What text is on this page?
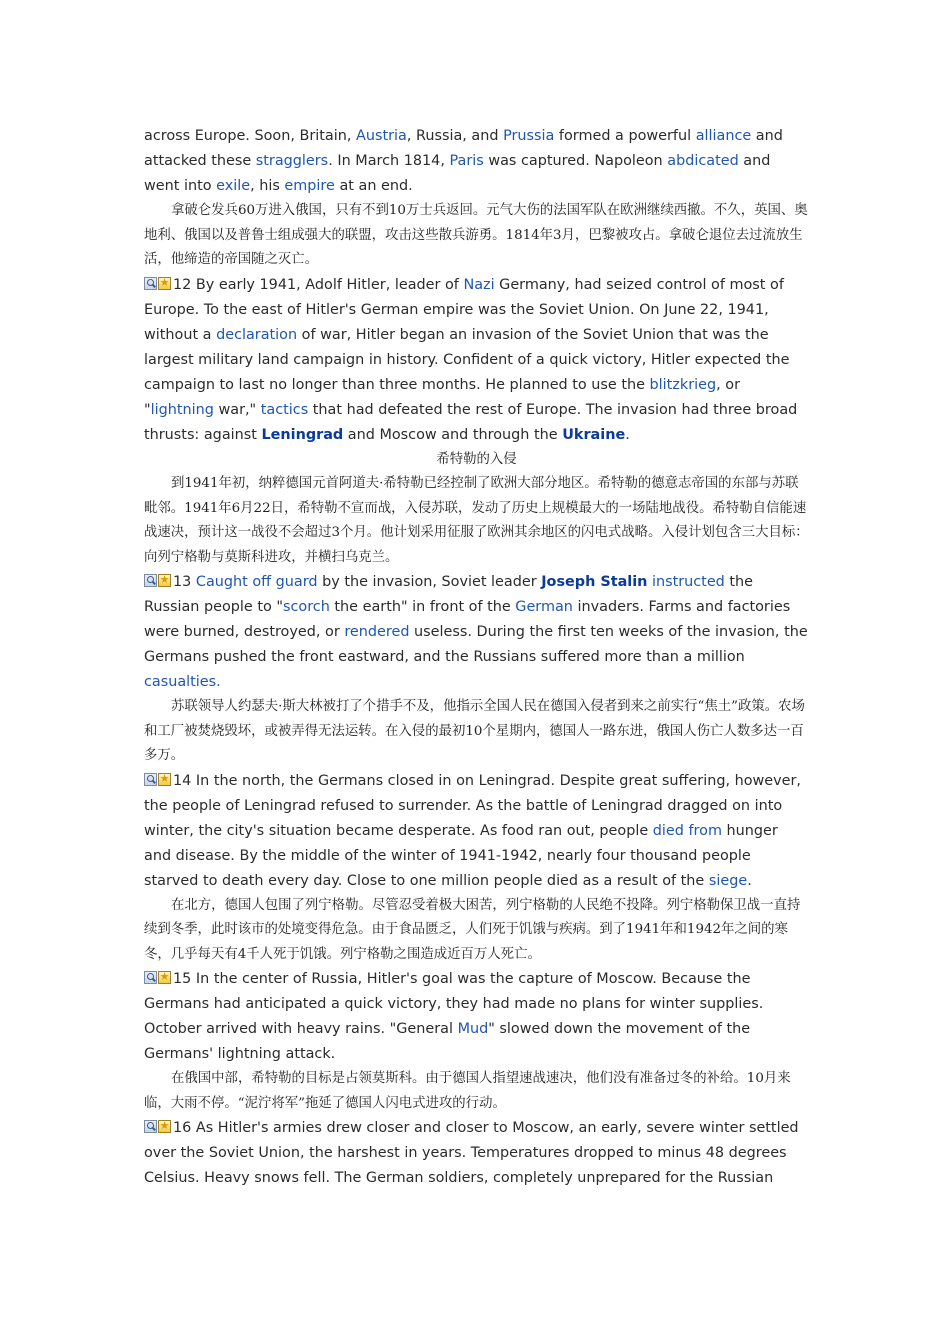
across Europe. Soon, Britain, Austria, Russia, and Prussia formed a powerful alliance and attacked these stragglers. In March 1814, Paris was captured. Napoleon abdicated and went into exile, his empire at an end.

拿破仑发兵60万进入俄国，只有不到10万士兵返回。元气大伤的法国军队在欧洲继续西撤。不久，英国、奥地利、俄国以及普鲁士组成强大的联盟，攻击这些散兵游勇。1814年3月，巴黎被攻占。拿破仑退位去过流放生活，他缔造的帝国随之灭亡。

★12 By early 1941, Adolf Hitler, leader of Nazi Germany, had seized control of most of Europe. To the east of Hitler's German empire was the Soviet Union. On June 22, 1941, without a declaration of war, Hitler began an invasion of the Soviet Union that was the largest military land campaign in history. Confident of a quick victory, Hitler expected the campaign to last no longer than three months. He planned to use the blitzkrieg, or "lightning war," tactics that had defeated the rest of Europe. The invasion had three broad thrusts: against Leningrad and Moscow and through the Ukraine.

希特勒的入侵

到1941年初，纳粹德国元首阿道夫·希特勒已经控制了欧洲大部分地区。希特勒的德意志帝国的东部与苏联毗邻。1941年6月22日，希特勒不宣而战，入侵苏联，发动了历史上规模最大的一场陆地战役。希特勒自信能速战速决，预计这一战役不会超过3个月。他计划采用征服了欧洲其余地区的闪电式战略。入侵计划包含三大目标：向列宁格勒与莫斯科进攻，并横扫乌克兰。

★13 Caught off guard by the invasion, Soviet leader Joseph Stalin instructed the Russian people to "scorch the earth" in front of the German invaders. Farms and factories were burned, destroyed, or rendered useless. During the first ten weeks of the invasion, the Germans pushed the front eastward, and the Russians suffered more than a million casualties.

苏联领导人约瑟夫·斯大林被打了个措手不及，他指示全国人民在德国入侵者到来之前实行“焦土”政策。农场和工厂被焚烧毁坏，或被弄得无法运转。在入侵的最初10个星期内，德国人一路东进，俄国人伤亡人数多达一百多万。

★14 In the north, the Germans closed in on Leningrad. Despite great suffering, however, the people of Leningrad refused to surrender. As the battle of Leningrad dragged on into winter, the city's situation became desperate. As food ran out, people died from hunger and disease. By the middle of the winter of 1941-1942, nearly four thousand people starved to death every day. Close to one million people died as a result of the siege.

在北方，德国人包围了列宁格勒。尽管忍受着极大困苦，列宁格勒的人民绝不投降。列宁格勒保卫战一直持续到冬季，此时该市的处境变得危急。由于食品匮乏，人们死于饥饿与疾病。到了1941年和1942年之间的寒冬，几乎每天有4千人死于饥饿。列宁格勒之围造成近百万人死亡。

★15 In the center of Russia, Hitler's goal was the capture of Moscow. Because the Germans had anticipated a quick victory, they had made no plans for winter supplies. October arrived with heavy rains. "General Mud" slowed down the movement of the Germans' lightning attack.

在俄国中部，希特勒的目标是占领莫斯科。由于德国人指望速战速决，他们没有准备过冬的补给。10月来临，大雨不停。“泥泞将军”拖延了德国人闪电式进攻的行动。

★16 As Hitler's armies drew closer and closer to Moscow, an early, severe winter settled over the Soviet Union, the harshest in years. Temperatures dropped to minus 48 degrees Celsius. Heavy snows fell. The German soldiers, completely unprepared for the Russian
